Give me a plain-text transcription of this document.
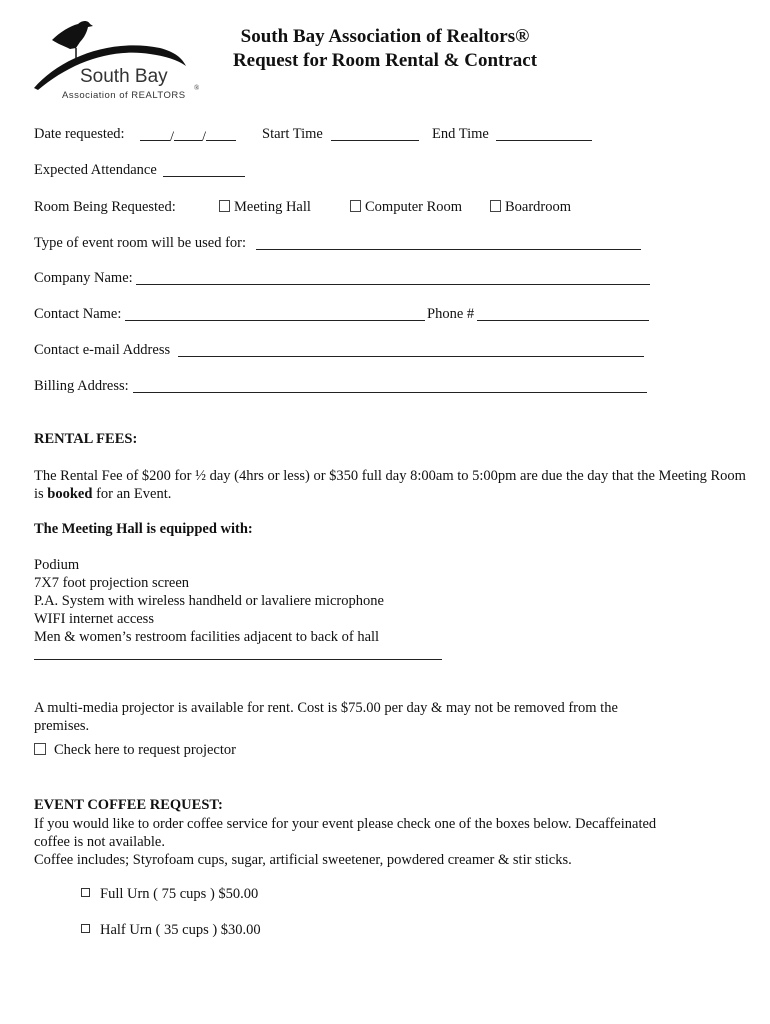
South Bay
Association of REALTORS
®
South Bay Association of Realtors®
Request for Room Rental & Contract
Date requested:	/ /	Start Time	End Time
Expected Attendance
Room Being Requested:	Meeting Hall	Computer Room	Boardroom
Type of event room will be used for:
Company Name:
Contact Name:	Phone #
Contact e-mail Address
Billing Address:
RENTAL FEES:
The Rental Fee of $200 for ½ day (4hrs or less) or $350 full day 8:00am to 5:00pm are due the day that the Meeting Room is booked for an Event.
The Meeting Hall is equipped with:
Podium
7X7 foot projection screen
P.A. System with wireless handheld or lavaliere microphone
WIFI internet access
Men & women’s restroom facilities adjacent to back of hall
A multi-media projector is available for rent. Cost is $75.00 per day & may not be removed from the premises.
Check here to request projector
EVENT COFFEE REQUEST:
If you would like to order coffee service for your event please check one of the boxes below. Decaffeinated coffee is not available.
Coffee includes; Styrofoam cups, sugar, artificial sweetener, powdered creamer & stir sticks.
Full Urn ( 75 cups ) $50.00
Half Urn ( 35 cups ) $30.00
